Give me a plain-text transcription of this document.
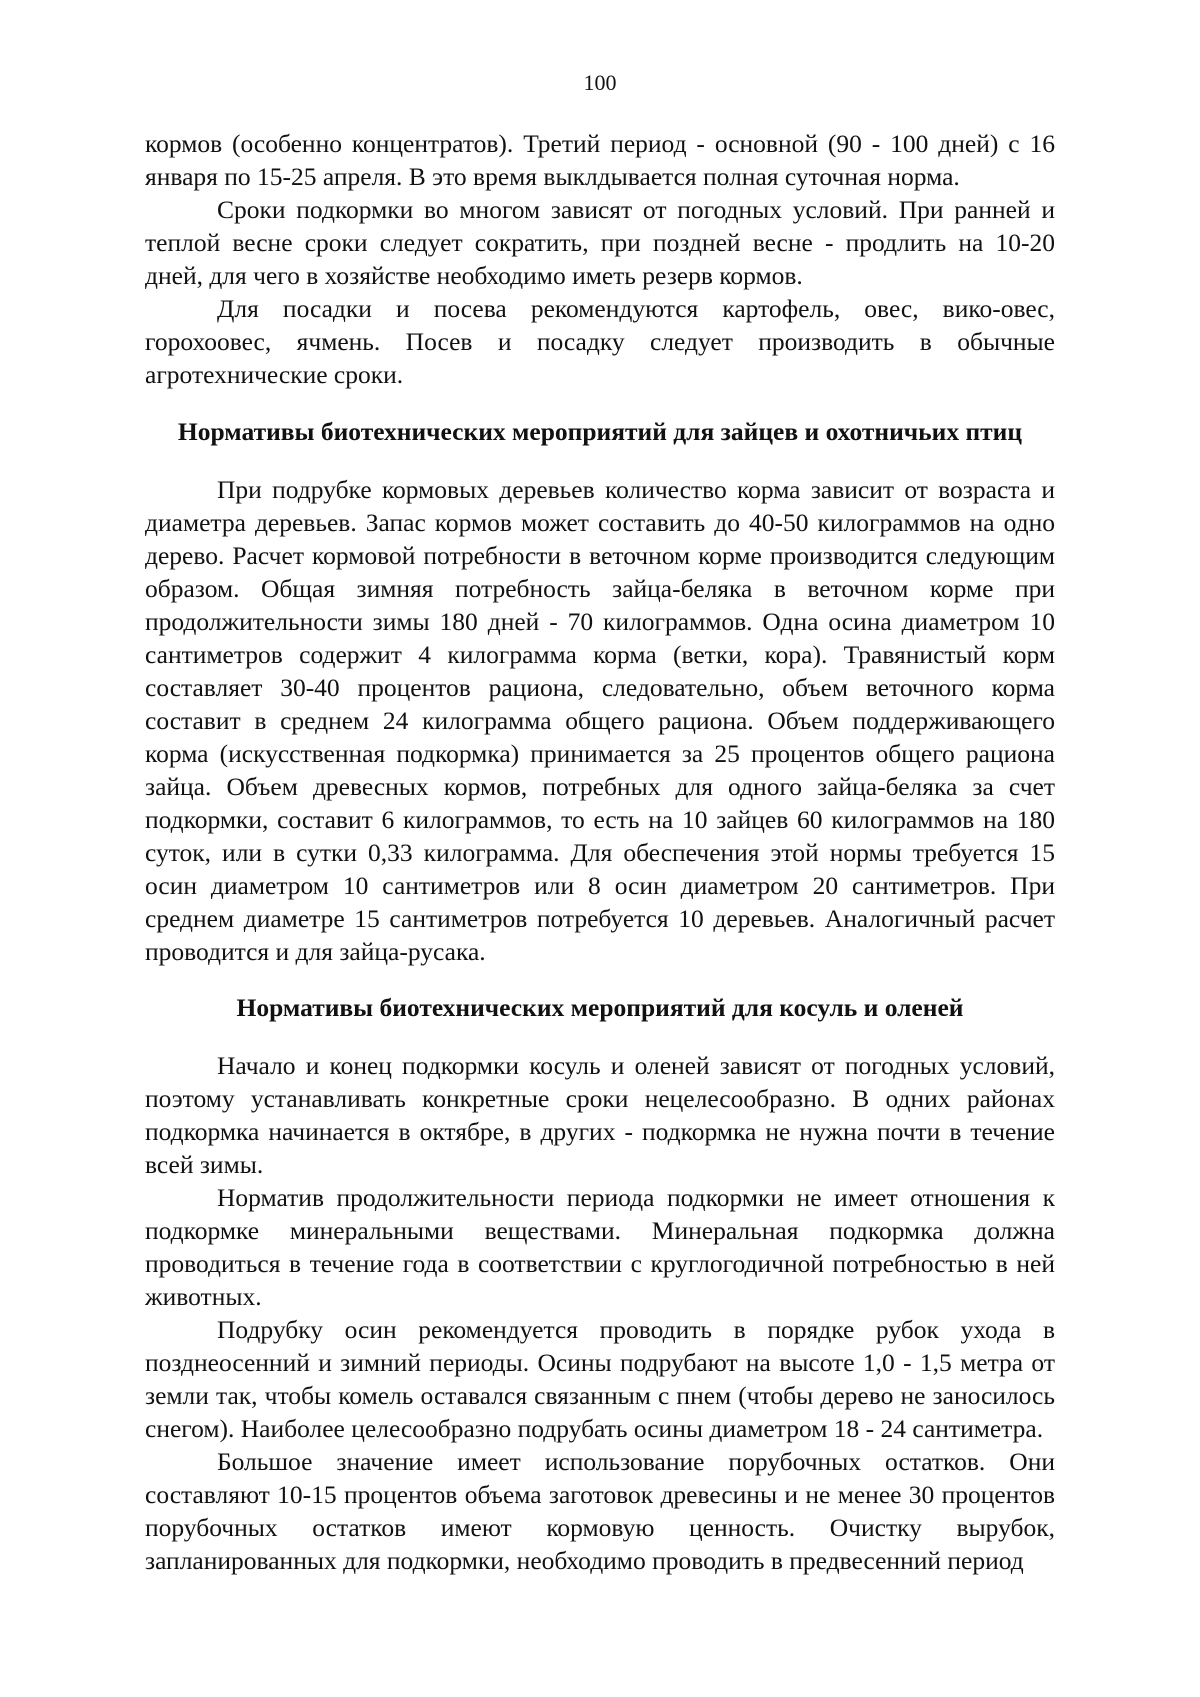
100

кормов (особенно концентратов). Третий период - основной (90 - 100 дней) с 16 января по 15-25 апреля. В это время выклдывается полная суточная норма.

Сроки подкормки во многом зависят от погодных условий. При ранней и теплой весне сроки следует сократить, при поздней весне - продлить на 10-20 дней, для чего в хозяйстве необходимо иметь резерв кормов.

Для посадки и посева рекомендуются картофель, овес, вико-овес, горохоовес, ячмень. Посев и посадку следует производить в обычные агротехнические сроки.

Нормативы биотехнических мероприятий для зайцев и охотничьих птиц

При подрубке кормовых деревьев количество корма зависит от возраста и диаметра деревьев. Запас кормов может составить до 40-50 килограммов на одно дерево. Расчет кормовой потребности в веточном корме производится следующим образом. Общая зимняя потребность зайца-беляка в веточном корме при продолжительности зимы 180 дней - 70 килограммов. Одна осина диаметром 10 сантиметров содержит 4 килограмма корма (ветки, кора). Травянистый корм составляет 30-40 процентов рациона, следовательно, объем веточного корма составит в среднем 24 килограмма общего рациона. Объем поддерживающего корма (искусственная подкормка) принимается за 25 процентов общего рациона зайца. Объем древесных кормов, потребных для одного зайца-беляка за счет подкормки, составит 6 килограммов, то есть на 10 зайцев 60 килограммов на 180 суток, или в сутки 0,33 килограмма. Для обеспечения этой нормы требуется 15 осин диаметром 10 сантиметров или 8 осин диаметром 20 сантиметров. При среднем диаметре 15 сантиметров потребуется 10 деревьев. Аналогичный расчет проводится и для зайца-русака.

Нормативы биотехнических мероприятий для косуль и оленей

Начало и конец подкормки косуль и оленей зависят от погодных условий, поэтому устанавливать конкретные сроки нецелесообразно. В одних районах подкормка начинается в октябре, в других - подкормка не нужна почти в течение всей зимы.

Норматив продолжительности периода подкормки не имеет отношения к подкормке минеральными веществами. Минеральная подкормка должна проводиться в течение года в соответствии с круглогодичной потребностью в ней животных.

Подрубку осин рекомендуется проводить в порядке рубок ухода в позднеосенний и зимний периоды. Осины подрубают на высоте 1,0 - 1,5 метра от земли так, чтобы комель оставался связанным с пнем (чтобы дерево не заносилось снегом). Наиболее целесообразно подрубать осины диаметром 18 - 24 сантиметра.

Большое значение имеет использование порубочных остатков. Они составляют 10-15 процентов объема заготовок древесины и не менее 30 процентов порубочных остатков имеют кормовую ценность. Очистку вырубок, запланированных для подкормки, необходимо проводить в предвесенний период
